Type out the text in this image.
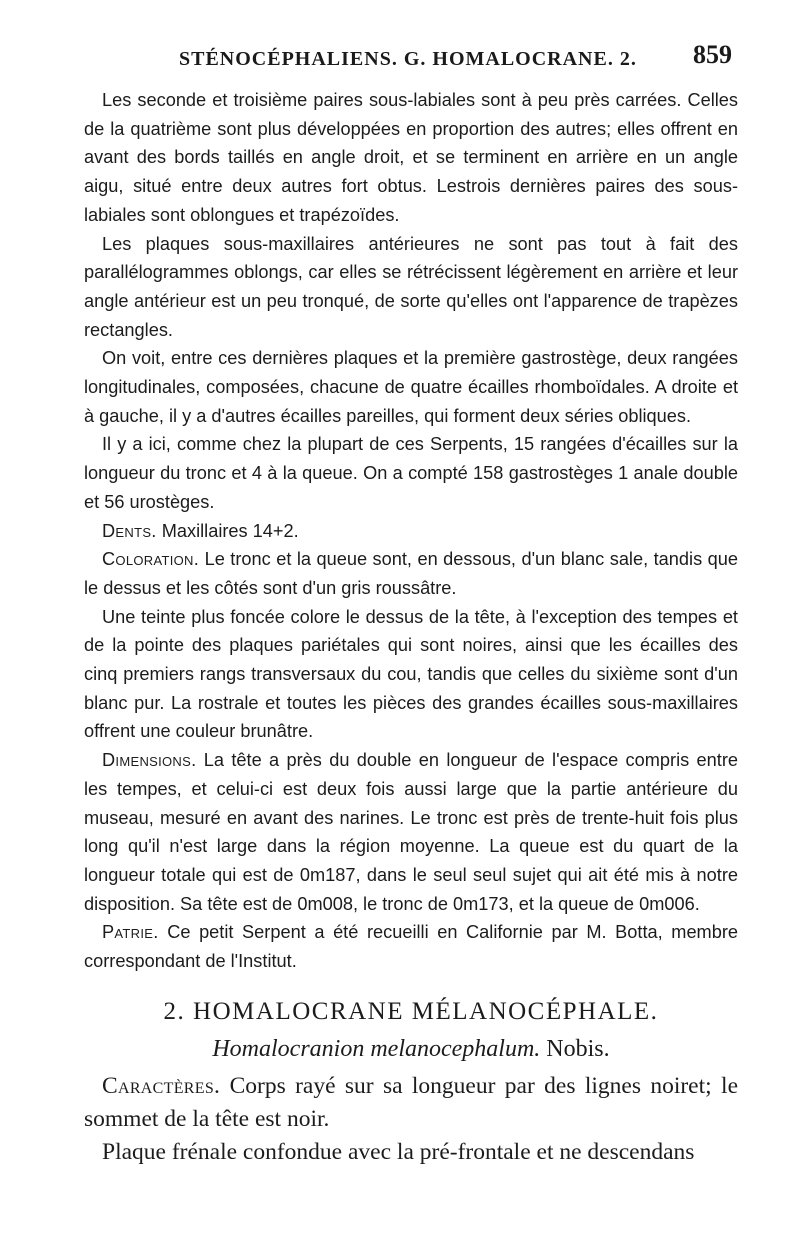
STÉNOCÉPHALIENS. G. HOMALOCRANE. 2. 859

Les seconde et troisième paires sous-labiales sont à peu près carrées. Celles de la quatrième sont plus développées en proportion des autres; elles offrent en avant des bords taillés en angle droit, et se terminent en arrière en un angle aigu, situé entre deux autres fort obtus. Lestrois dernières paires des sous-labiales sont oblongues et trapézoïdes.

Les plaques sous-maxillaires antérieures ne sont pas tout à fait des parallélogrammes oblongs, car elles se rétrécissent légèrement en arrière et leur angle antérieur est un peu tronqué, de sorte qu'elles ont l'apparence de trapèzes rectangles.

On voit, entre ces dernières plaques et la première gastrostège, deux rangées longitudinales, composées, chacune de quatre écailles rhomboïdales. A droite et à gauche, il y a d'autres écailles pareilles, qui forment deux séries obliques.

Il y a ici, comme chez la plupart de ces Serpents, 15 rangées d'écailles sur la longueur du tronc et 4 à la queue. On a compté 158 gastrostèges 1 anale double et 56 urostèges.

Dents. Maxillaires 14+2.

Coloration. Le tronc et la queue sont, en dessous, d'un blanc sale, tandis que le dessus et les côtés sont d'un gris roussâtre.

Une teinte plus foncée colore le dessus de la tête, à l'exception des tempes et de la pointe des plaques pariétales qui sont noires, ainsi que les écailles des cinq premiers rangs transversaux du cou, tandis que celles du sixième sont d'un blanc pur. La rostrale et toutes les pièces des grandes écailles sous-maxillaires offrent une couleur brunâtre.

Dimensions. La tête a près du double en longueur de l'espace compris entre les tempes, et celui-ci est deux fois aussi large que la partie antérieure du museau, mesuré en avant des narines. Le tronc est près de trente-huit fois plus long qu'il n'est large dans la région moyenne. La queue est du quart de la longueur totale qui est de 0m187, dans le seul seul sujet qui ait été mis à notre disposition. Sa tête est de 0m008, le tronc de 0m173, et la queue de 0m006.

Patrie. Ce petit Serpent a été recueilli en Californie par M. Botta, membre correspondant de l'Institut.

2. HOMALOCRANE MÉLANOCÉPHALE.
Homalocranion melanocephalum. Nobis.

Caractères. Corps rayé sur sa longueur par des lignes noiret; le sommet de la tête est noir.

Plaque frénale confondue avec la pré-frontale et ne descendans
